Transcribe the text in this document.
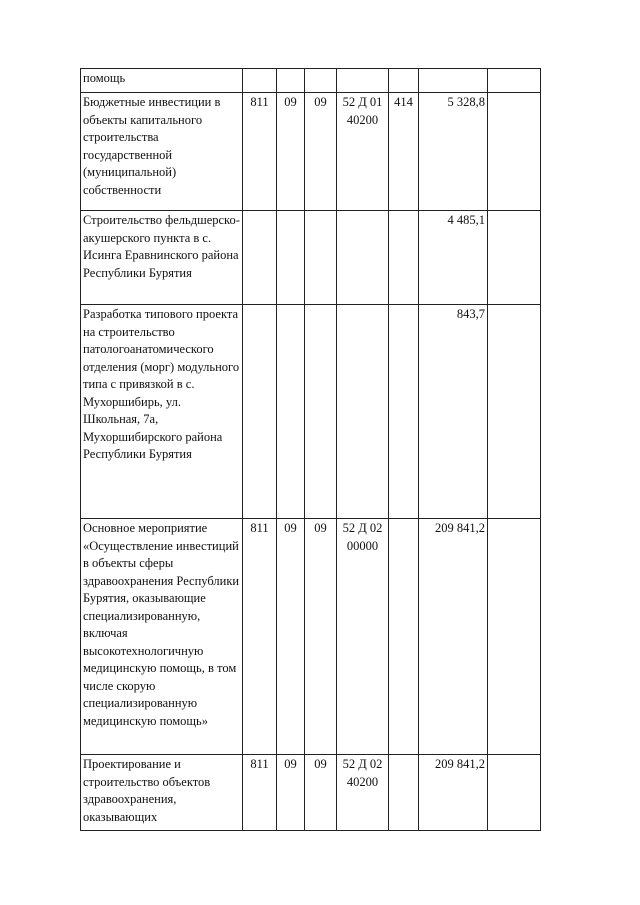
помощь							
Бюджетные инвестиции в объекты капитального строительства государственной (муниципальной) собственности	811	09	09	52 Д 01 40200	414	5 328,8	
Строительство фельдшерско-акушерского пункта в с. Исинга Еравнинского района Республики Бурятия						4 485,1	
Разработка типового проекта на строительство патологоанатомического отделения (морг) модульного типа с привязкой в с. Мухоршибирь, ул. Школьная, 7а, Мухоршибирского района Республики Бурятия						843,7	
Основное мероприятие «Осуществление инвестиций в объекты сферы здравоохранения Республики Бурятия, оказывающие специализированную, включая высокотехнологичную медицинскую помощь, в том числе скорую специализированную медицинскую помощь»	811	09	09	52 Д 02 00000		209 841,2	
Проектирование и строительство объектов здравоохранения, оказывающих	811	09	09	52 Д 02 40200		209 841,2	
